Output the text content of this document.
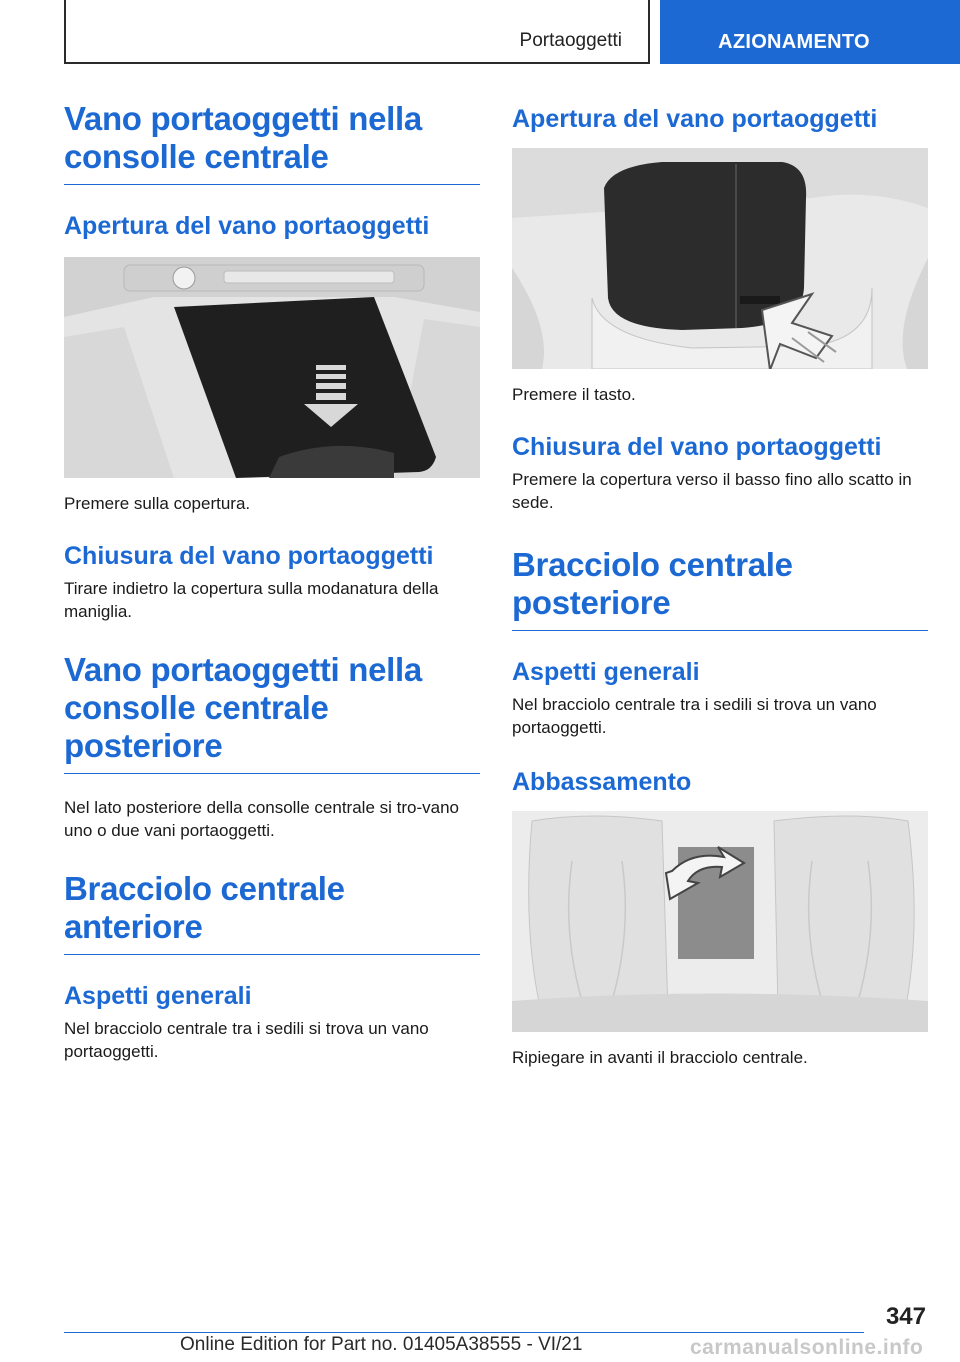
Portaoggetti	AZIONAMENTO
Vano portaoggetti nella consolle centrale
Apertura del vano portaoggetti

Premere sulla copertura.

Chiusura del vano portaoggetti

Tirare indietro la copertura sulla modanatura della maniglia.

Vano portaoggetti nella consolle centrale posteriore

Nel lato posteriore della consolle centrale si tro-vano uno o due vani portaoggetti.

Bracciolo centrale anteriore
Aspetti generali

Nel bracciolo centrale tra i sedili si trova un vano portaoggetti.

Apertura del vano portaoggetti

Premere il tasto.

Chiusura del vano portaoggetti

Premere la copertura verso il basso fino allo scatto in sede.

Bracciolo centrale posteriore
Aspetti generali

Nel bracciolo centrale tra i sedili si trova un vano portaoggetti.

Abbassamento

Ripiegare in avanti il bracciolo centrale.

347
Online Edition for Part no. 01405A38555 - VI/21	carmanualsonline.info
